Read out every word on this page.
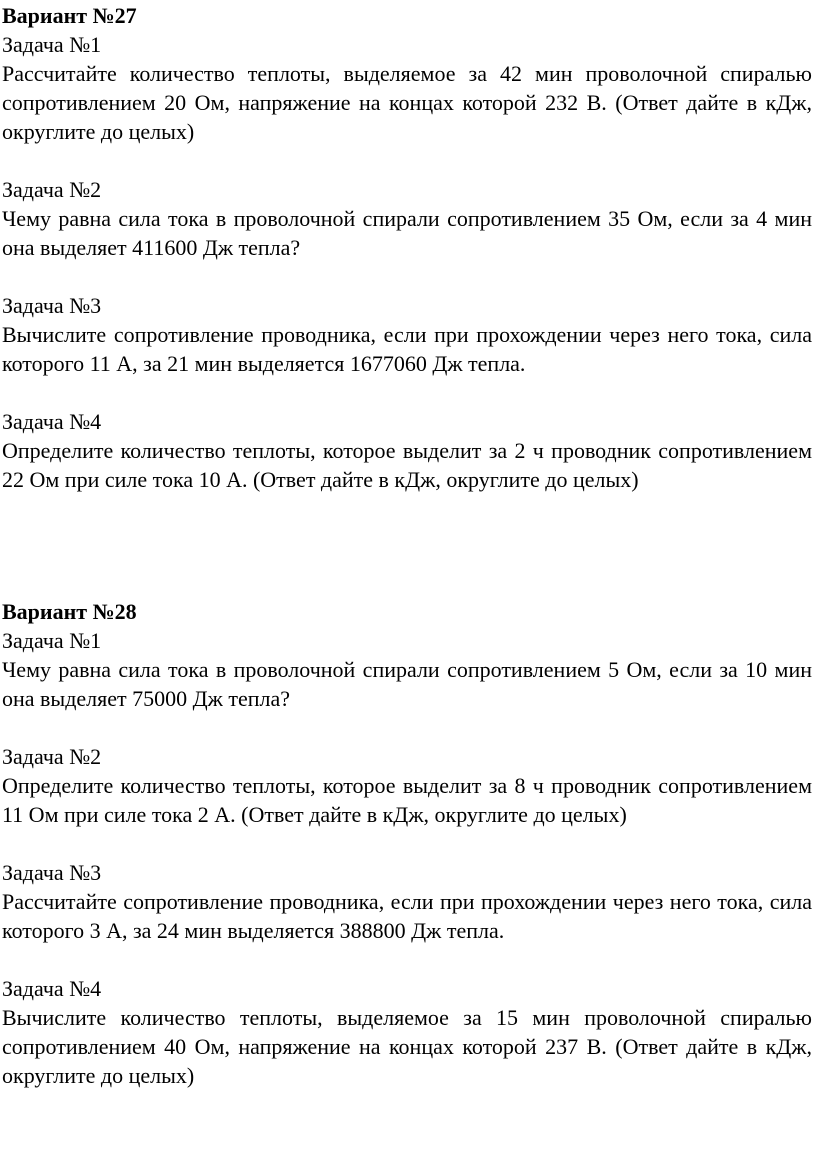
Вариант №27

Задача №1

Рассчитайте количество теплоты, выделяемое за 42 мин проволочной спиралью сопротивлением 20 Ом, напряжение на концах которой 232 В. (Ответ дайте в кДж, округлите до целых)

Задача №2

Чему равна сила тока в проволочной спирали сопротивлением 35 Ом, если за 4 мин она выделяет 411600 Дж тепла?

Задача №3

Вычислите сопротивление проводника, если при прохождении через него тока, сила которого 11 А, за 21 мин выделяется 1677060 Дж тепла.

Задача №4

Определите количество теплоты, которое выделит за 2 ч проводник сопротивлением 22 Ом при силе тока 10 А. (Ответ дайте в кДж, округлите до целых)

Вариант №28

Задача №1

Чему равна сила тока в проволочной спирали сопротивлением 5 Ом, если за 10 мин она выделяет 75000 Дж тепла?

Задача №2

Определите количество теплоты, которое выделит за 8 ч проводник сопротивлением 11 Ом при силе тока 2 А. (Ответ дайте в кДж, округлите до целых)

Задача №3

Рассчитайте сопротивление проводника, если при прохождении через него тока, сила которого 3 А, за 24 мин выделяется 388800 Дж тепла.

Задача №4

Вычислите количество теплоты, выделяемое за 15 мин проволочной спиралью сопротивлением 40 Ом, напряжение на концах которой 237 В. (Ответ дайте в кДж, округлите до целых)
